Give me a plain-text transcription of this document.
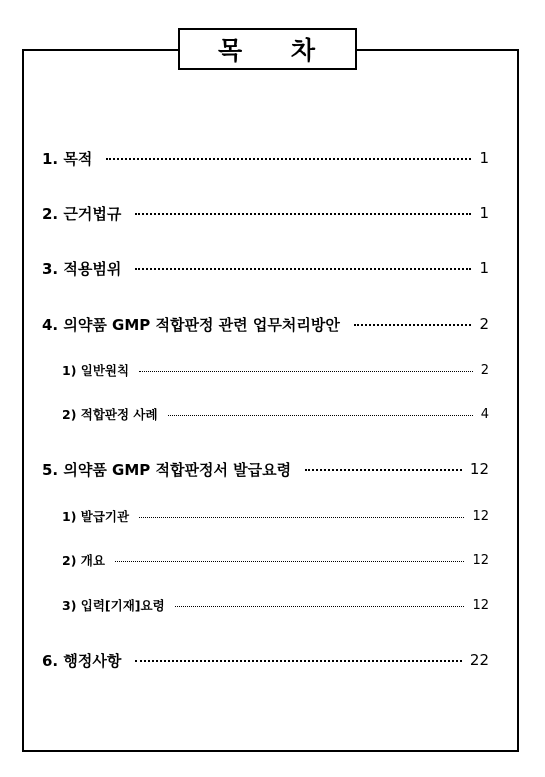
목 차
1. 목적	1
2. 근거법규	1
3. 적용범위	1
4. 의약품 GMP 적합판정 관련 업무처리방안	2
1) 일반원칙	2
2) 적합판정 사례	4
5. 의약품 GMP 적합판정서 발급요령	12
1) 발급기관	12
2) 개요	12
3) 입력[기재]요령	12
6. 행정사항	22
